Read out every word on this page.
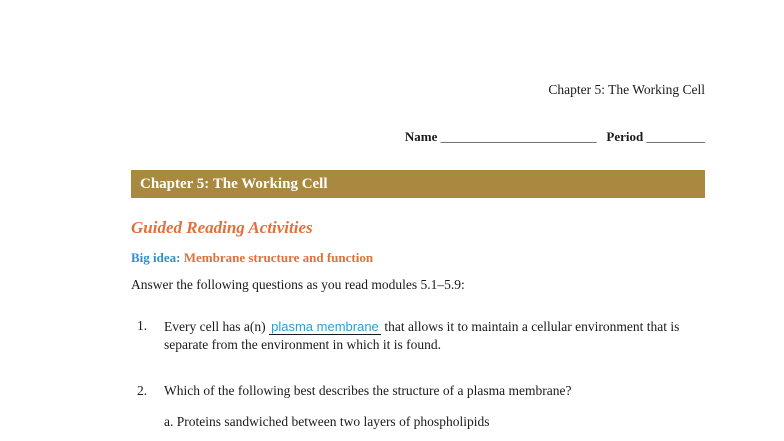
Chapter 5: The Working Cell
Name ________________________ Period _________
Chapter 5: The Working Cell
Guided Reading Activities
Big idea: Membrane structure and function
Answer the following questions as you read modules 5.1–5.9:
1. Every cell has a(n) plasma membrane that allows it to maintain a cellular environment that is separate from the environment in which it is found.
2. Which of the following best describes the structure of a plasma membrane?
a. Proteins sandwiched between two layers of phospholipids
